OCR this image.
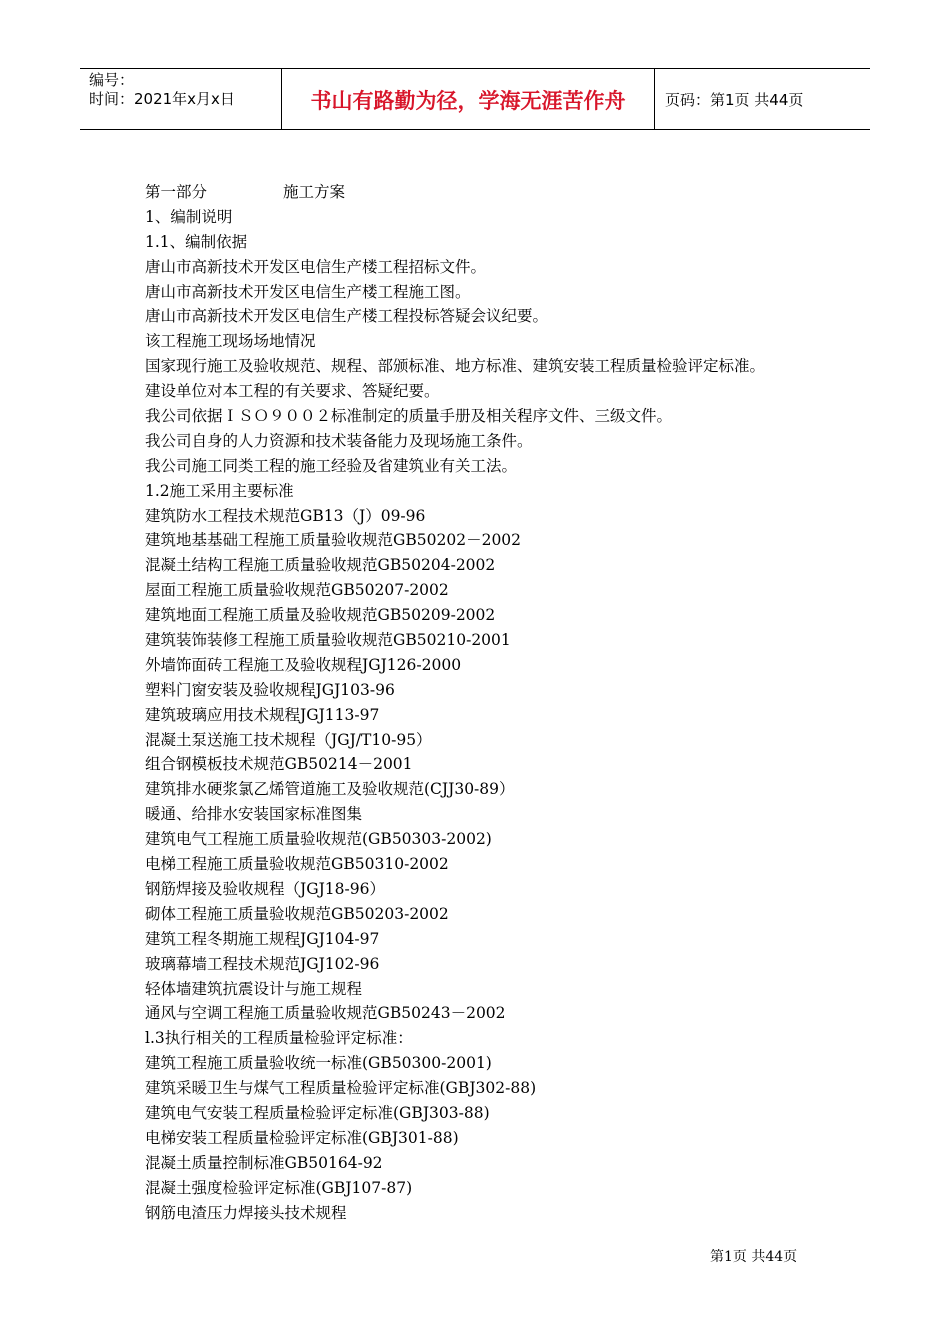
编号：
时间：2021年x月x日	书山有路勤为径，学海无涯苦作舟	页码：第1页 共44页
第一部分	施工方案
1、编制说明
1.1、编制依据
唐山市高新技术开发区电信生产楼工程招标文件。
唐山市高新技术开发区电信生产楼工程施工图。
唐山市高新技术开发区电信生产楼工程投标答疑会议纪要。
该工程施工现场场地情况
国家现行施工及验收规范、规程、部颁标准、地方标准、建筑安装工程质量检验评定标准。
建设单位对本工程的有关要求、答疑纪要。
我公司依据ＩＳＯ９００２标准制定的质量手册及相关程序文件、三级文件。
我公司自身的人力资源和技术装备能力及现场施工条件。
我公司施工同类工程的施工经验及省建筑业有关工法。
1.2施工采用主要标准
建筑防水工程技术规范GB13（J）09-96
建筑地基基础工程施工质量验收规范GB50202－2002
混凝土结构工程施工质量验收规范GB50204-2002
屋面工程施工质量验收规范GB50207-2002
建筑地面工程施工质量及验收规范GB50209-2002
建筑装饰装修工程施工质量验收规范GB50210-2001
外墙饰面砖工程施工及验收规程JGJ126-2000
塑料门窗安装及验收规程JGJ103-96
建筑玻璃应用技术规程JGJ113-97
混凝土泵送施工技术规程（JGJ/T10-95）
组合钢模板技术规范GB50214－2001
建筑排水硬浆氯乙烯管道施工及验收规范(CJJ30-89）
暖通、给排水安装国家标准图集
建筑电气工程施工质量验收规范(GB50303-2002)
电梯工程施工质量验收规范GB50310-2002
钢筋焊接及验收规程（JGJ18-96）
砌体工程施工质量验收规范GB50203-2002
建筑工程冬期施工规程JGJ104-97
玻璃幕墙工程技术规范JGJ102-96
轻体墙建筑抗震设计与施工规程
通风与空调工程施工质量验收规范GB50243－2002
l.3执行相关的工程质量检验评定标准：
建筑工程施工质量验收统一标准(GB50300-2001)
建筑采暖卫生与煤气工程质量检验评定标准(GBJ302-88)
建筑电气安装工程质量检验评定标准(GBJ303-88)
电梯安装工程质量检验评定标准(GBJ301-88)
混凝土质量控制标准GB50164-92
混凝土强度检验评定标准(GBJ107-87)
钢筋电渣压力焊接头技术规程
第1页 共44页
